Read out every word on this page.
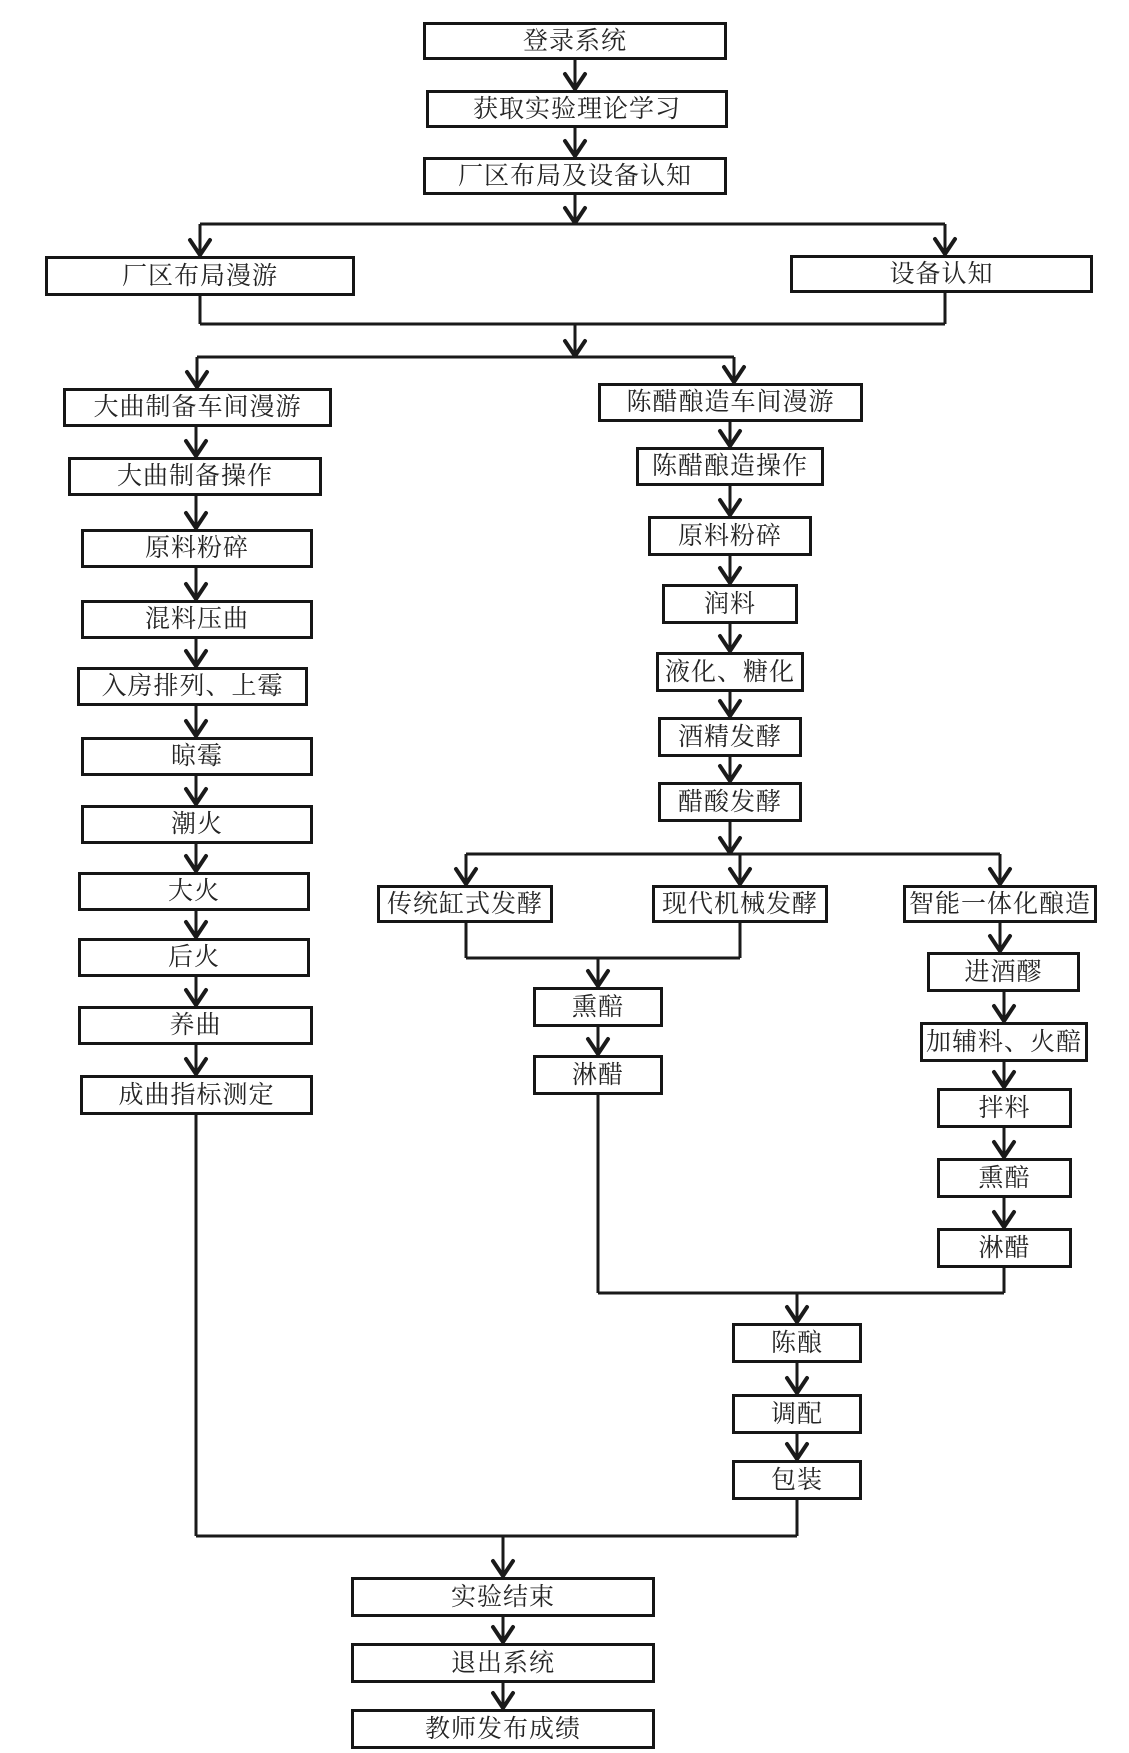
登录系统
获取实验理论学习
厂区布局及设备认知
厂区布局漫游	设备认知
大曲制备车间漫游
大曲制备操作
原料粉碎
混料压曲
入房排列、上霉
晾霉
潮火
大火
后火
养曲
成曲指标测定
陈醋酿造车间漫游
陈醋酿造操作
原料粉碎
润料
液化、糖化
酒精发酵
醋酸发酵
传统缸式发酵	现代机械发酵	智能一体化酿造
熏醅
淋醋
进酒醪
加辅料、火醅
拌料
熏醅
淋醋
陈酿
调配
包装
实验结束
退出系统
教师发布成绩
